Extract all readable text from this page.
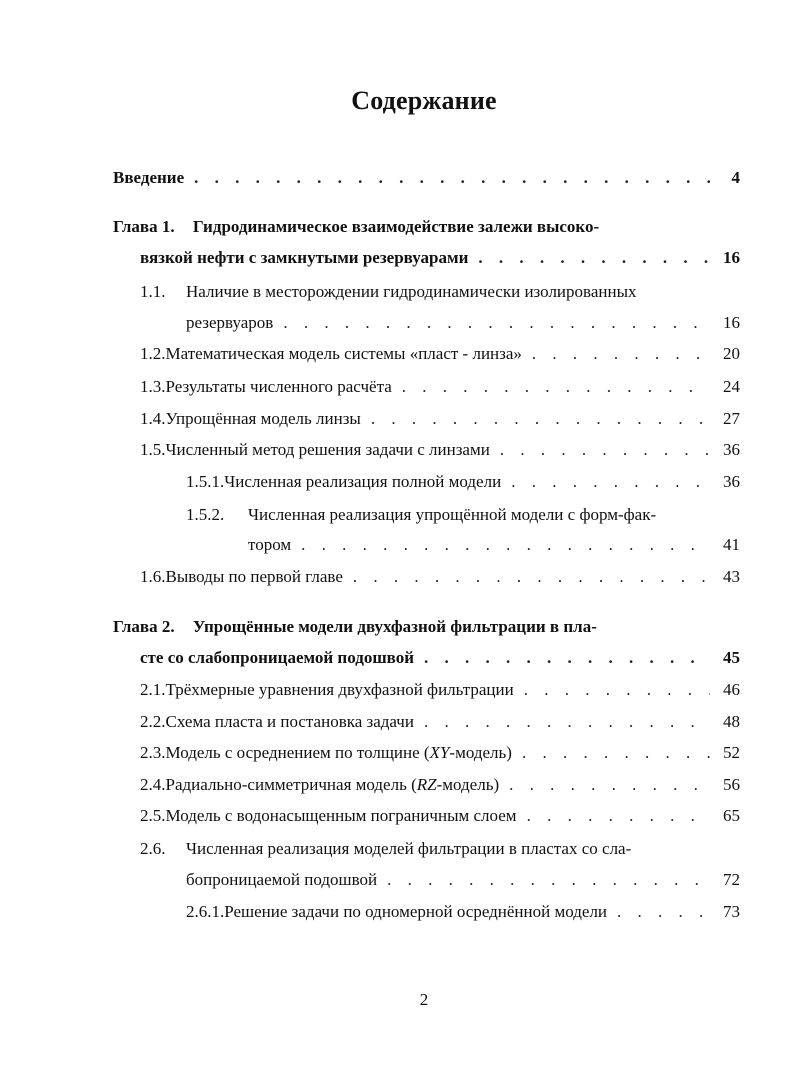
Содержание
Введение . . .	4
Глава 1. Гидродинамическое взаимодействие залежи высоко-
вязкой нефти с замкнутыми резервуарами . . .	16
1.1. Наличие в месторождении гидродинамически изолированных
резервуаров . . .	16
1.2. Математическая модель системы «пласт - линза» . . .	20
1.3. Результаты численного расчёта . . .	24
1.4. Упрощённая модель линзы . . .	27
1.5. Численный метод решения задачи с линзами . . .	36
1.5.1. Численная реализация полной модели . . .	36
1.5.2. Численная реализация упрощённой модели с форм-фак-
тором . . .	41
1.6. Выводы по первой главе . . .	43
Глава 2. Упрощённые модели двухфазной фильтрации в пла-
сте со слабопроницаемой подошвой . . .	45
2.1. Трёхмерные уравнения двухфазной фильтрации . . .	46
2.2. Схема пласта и постановка задачи . . .	48
2.3. Модель с осреднением по толщине (XY-модель) . . .	52
2.4. Радиально-симметричная модель (RZ-модель) . . .	56
2.5. Модель с водонасыщенным пограничным слоем . . .	65
2.6. Численная реализация моделей фильтрации в пластах со сла-
бопроницаемой подошвой . . .	72
2.6.1. Решение задачи по одномерной осреднённой модели . . .	73
2
